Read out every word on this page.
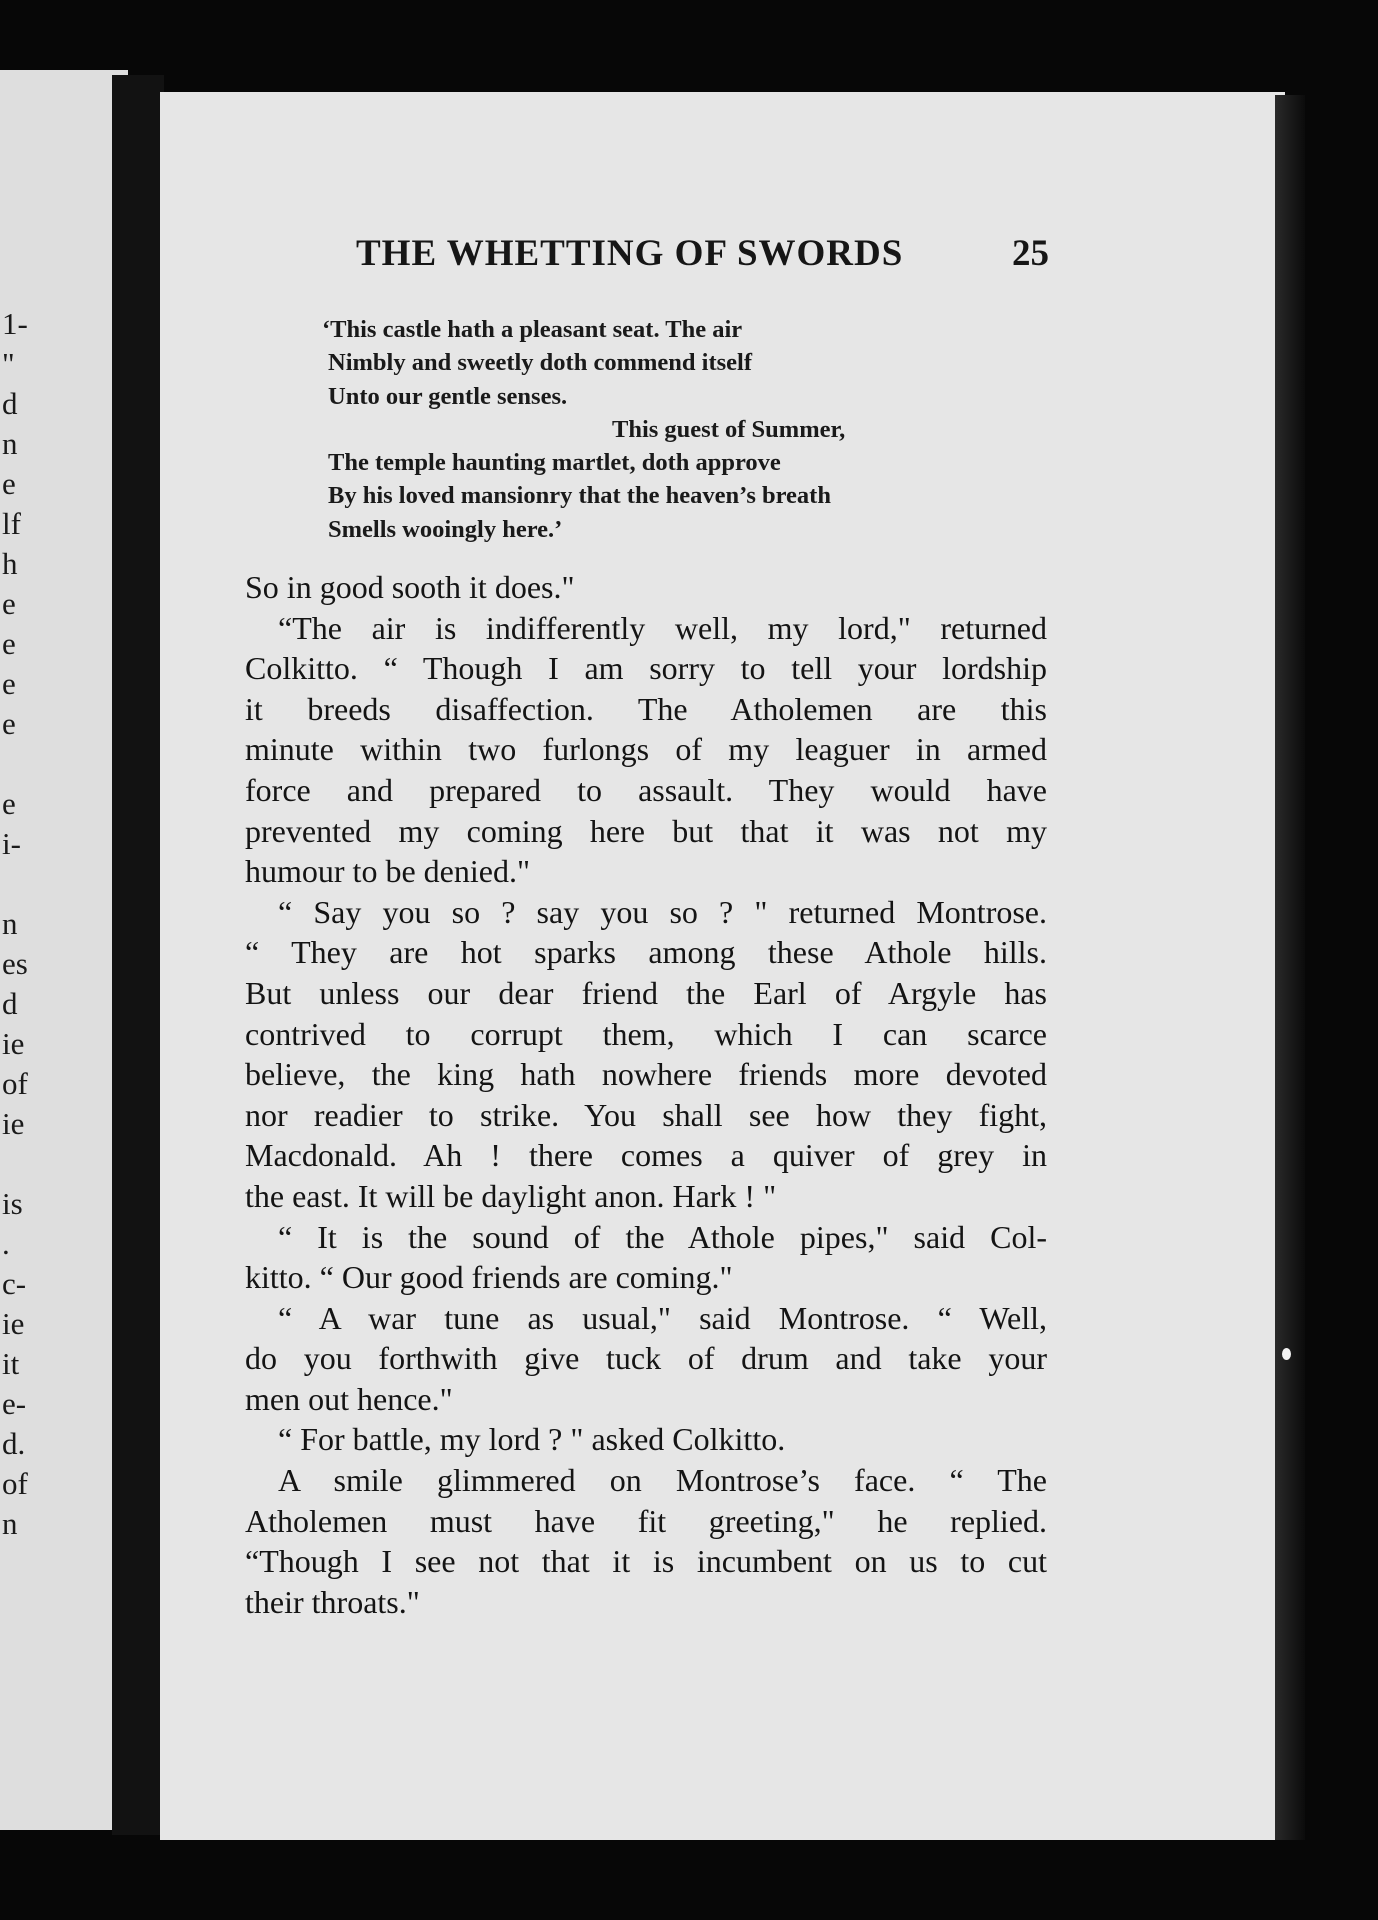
1-
"
d
n
e
lf
h
e
e
e
e
e
i-
n
es
d
ie
of
ie
is
.
c-
ie
it
e-
d.
of
n
THE WHETTING OF SWORDS	25
‘This castle hath a pleasant seat. The air
Nimbly and sweetly doth commend itself
Unto our gentle senses.
This guest of Summer,
The temple haunting martlet, doth approve
By his loved mansionry that the heaven’s breath
Smells wooingly here.’
So in good sooth it does."
“The air is indifferently well, my lord," returned
Colkitto. “ Though I am sorry to tell your lordship
it breeds disaffection. The Atholemen are this
minute within two furlongs of my leaguer in armed
force and prepared to assault. They would have
prevented my coming here but that it was not my
humour to be denied."
“ Say you so ? say you so ? " returned Montrose.
“ They are hot sparks among these Athole hills.
But unless our dear friend the Earl of Argyle has
contrived to corrupt them, which I can scarce
believe, the king hath nowhere friends more devoted
nor readier to strike. You shall see how they fight,
Macdonald. Ah ! there comes a quiver of grey in
the east. It will be daylight anon. Hark ! "
“ It is the sound of the Athole pipes," said Col-
kitto. “ Our good friends are coming."
“ A war tune as usual," said Montrose. “ Well,
do you forthwith give tuck of drum and take your
men out hence."
“ For battle, my lord ? " asked Colkitto.
A smile glimmered on Montrose’s face. “ The
Atholemen must have fit greeting," he replied.
“Though I see not that it is incumbent on us to cut
their throats."
